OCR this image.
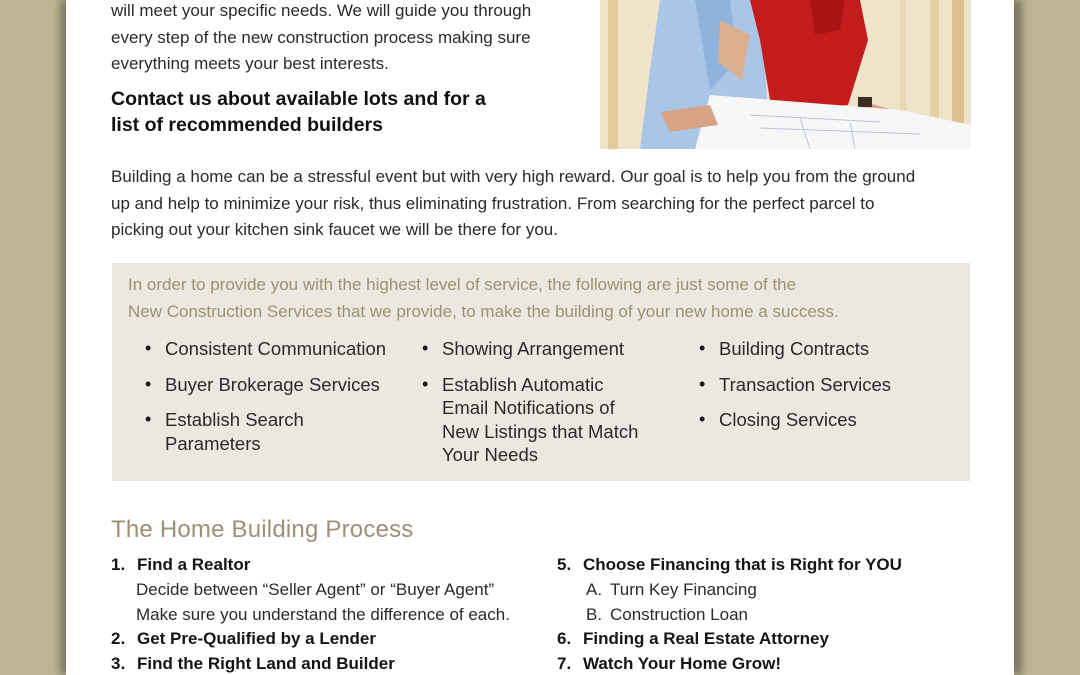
will meet your specific needs. We will guide you through

every step of the new construction process making sure

everything meets your best interests.

Contact us about available lots and for a
list of recommended builders
Building a home can be a stressful event but with very high reward. Our goal is to help you from the ground
up and help to minimize your risk, thus eliminating frustration. From searching for the perfect parcel to
picking out your kitchen sink faucet we will be there for you.
In order to provide you with the highest level of service, the following are just some of the
New Construction Services that we provide, to make the building of your new home a success.
• Consistent Communication
• Buyer Brokerage Services
• Establish Search
Parameters
• Showing Arrangement
• Establish Automatic
Email Notifications of
New Listings that Match
Your Needs
• Building Contracts
• Transaction Services
• Closing Services
The Home Building Process
1. Find a Realtor
Decide between “Seller Agent” or “Buyer Agent”
Make sure you understand the difference of each.
2. Get Pre-Qualified by a Lender
3. Find the Right Land and Builder
5. Choose Financing that is Right for YOU
A. Turn Key Financing
B. Construction Loan
6. Finding a Real Estate Attorney
7. Watch Your Home Grow!
